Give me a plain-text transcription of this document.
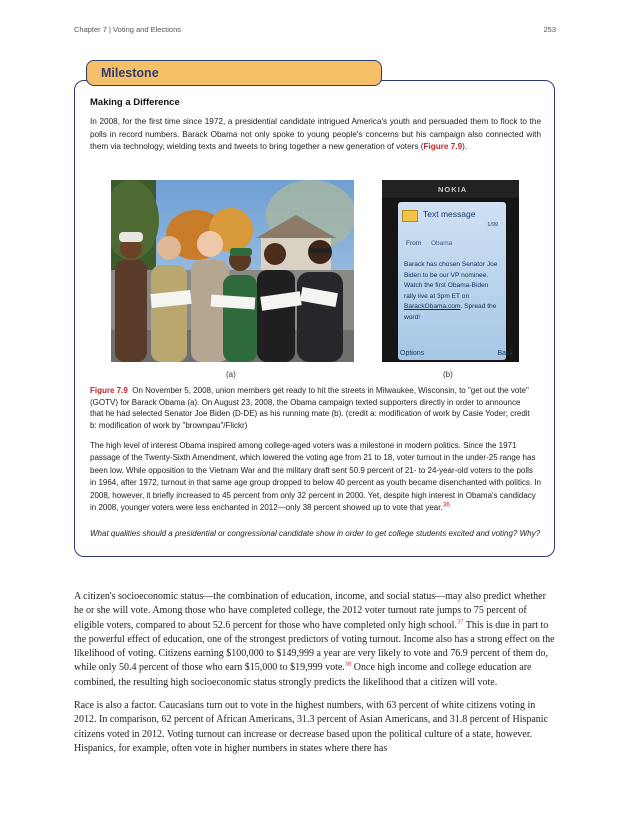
Chapter 7 | Voting and Elections	253
Milestone
Making a Difference

In 2008, for the first time since 1972, a presidential candidate intrigued America's youth and persuaded them to flock to the polls in record numbers. Barack Obama not only spoke to young people's concerns but his campaign also connected with them via technology, wielding texts and tweets to bring together a new generation of voters (Figure 7.9).

NOKIA
Text message
1/99
From Obama
Barack has chosen Senator Joe Biden to be our VP nominee. Watch the first Obama-Biden rally live at 3pm ET on BarackObama.com. Spread the word!
Options	Back
(a)	(b)

Figure 7.9 On November 5, 2008, union members get ready to hit the streets in Milwaukee, Wisconsin, to "get out the vote" (GOTV) for Barack Obama (a). On August 23, 2008, the Obama campaign texted supporters directly in order to announce that he had selected Senator Joe Biden (D-DE) as his running mate (b). (credit a: modification of work by Casie Yoder; credit b: modification of work by "brownpau"/Flickr)

The high level of interest Obama inspired among college-aged voters was a milestone in modern politics. Since the 1971 passage of the Twenty-Sixth Amendment, which lowered the voting age from 21 to 18, voter turnout in the under-25 range has been low. While opposition to the Vietnam War and the military draft sent 50.9 percent of 21- to 24-year-old voters to the polls in 1964, after 1972, turnout in that same age group dropped to below 40 percent as youth became disenchanted with politics. In 2008, however, it briefly increased to 45 percent from only 32 percent in 2000. Yet, despite high interest in Obama's candidacy in 2008, younger voters were less enchanted in 2012—only 38 percent showed up to vote that year.$^{36}$

What qualities should a presidential or congressional candidate show in order to get college students excited and voting? Why?

A citizen's socioeconomic status—the combination of education, income, and social status—may also predict whether he or she will vote. Among those who have completed college, the 2012 voter turnout rate jumps to 75 percent of eligible voters, compared to about 52.6 percent for those who have completed only high school.$^{37}$ This is due in part to the powerful effect of education, one of the strongest predictors of voting turnout. Income also has a strong effect on the likelihood of voting. Citizens earning $100,000 to $149,999 a year are very likely to vote and 76.9 percent of them do, while only 50.4 percent of those who earn $15,000 to $19,999 vote.$^{38}$ Once high income and college education are combined, the resulting high socioeconomic status strongly predicts the likelihood that a citizen will vote.

Race is also a factor. Caucasians turn out to vote in the highest numbers, with 63 percent of white citizens voting in 2012. In comparison, 62 percent of African Americans, 31.3 percent of Asian Americans, and 31.8 percent of Hispanic citizens voted in 2012. Voting turnout can increase or decrease based upon the political culture of a state, however. Hispanics, for example, often vote in higher numbers in states where there has
